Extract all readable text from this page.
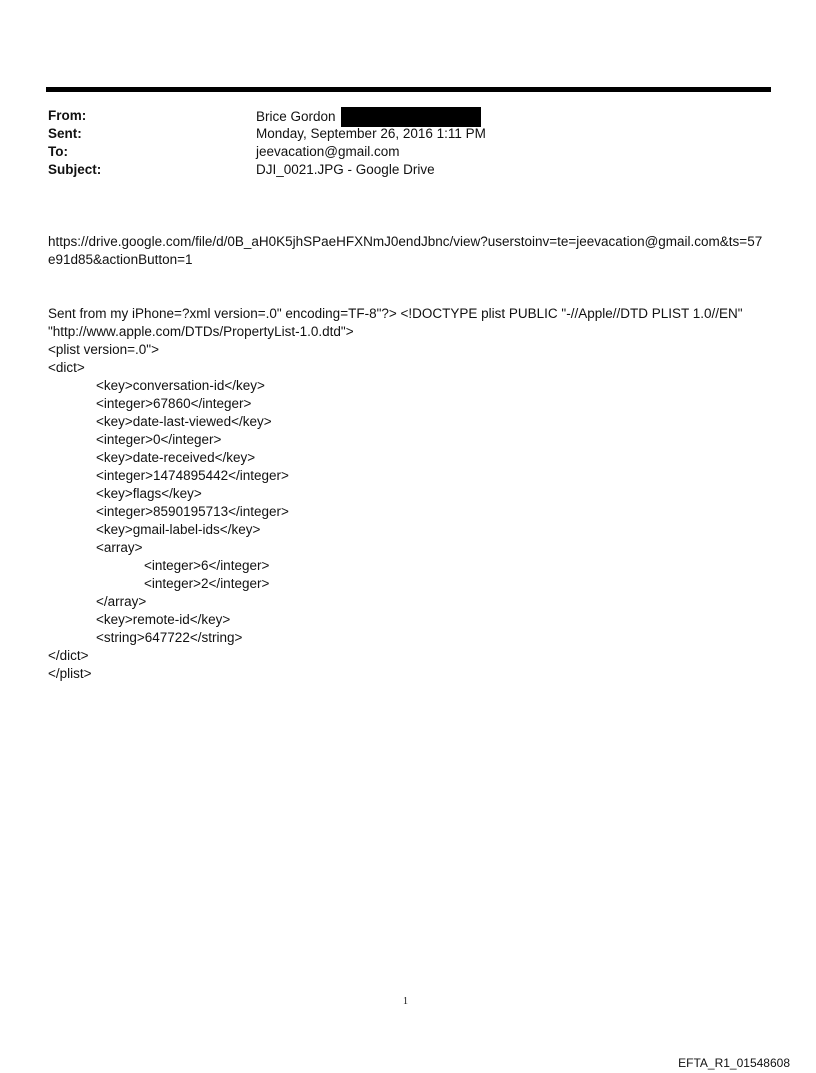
From:	Brice Gordon
Sent:	Monday, September 26, 2016 1:11 PM
To:	jeevacation@gmail.com
Subject:	DJI_0021.JPG - Google Drive
https://drive.google.com/file/d/0B_aH0K5jhSPaeHFXNmJ0endJbnc/view?userstoinv=te=jeevacation@gmail.com&ts=57
e91d85&actionButton=1
Sent from my iPhone=?xml version=.0" encoding=TF-8"?> <!DOCTYPE plist PUBLIC "-//Apple//DTD PLIST 1.0//EN"
"http://www.apple.com/DTDs/PropertyList-1.0.dtd">
<plist version=.0">
<dict>
<key>conversation-id</key>
<integer>67860</integer>
<key>date-last-viewed</key>
<integer>0</integer>
<key>date-received</key>
<integer>1474895442</integer>
<key>flags</key>
<integer>8590195713</integer>
<key>gmail-label-ids</key>
<array>
<integer>6</integer>
<integer>2</integer>
</array>
<key>remote-id</key>
<string>647722</string>
</dict>
</plist>
1
EFTA_R1_01548608
